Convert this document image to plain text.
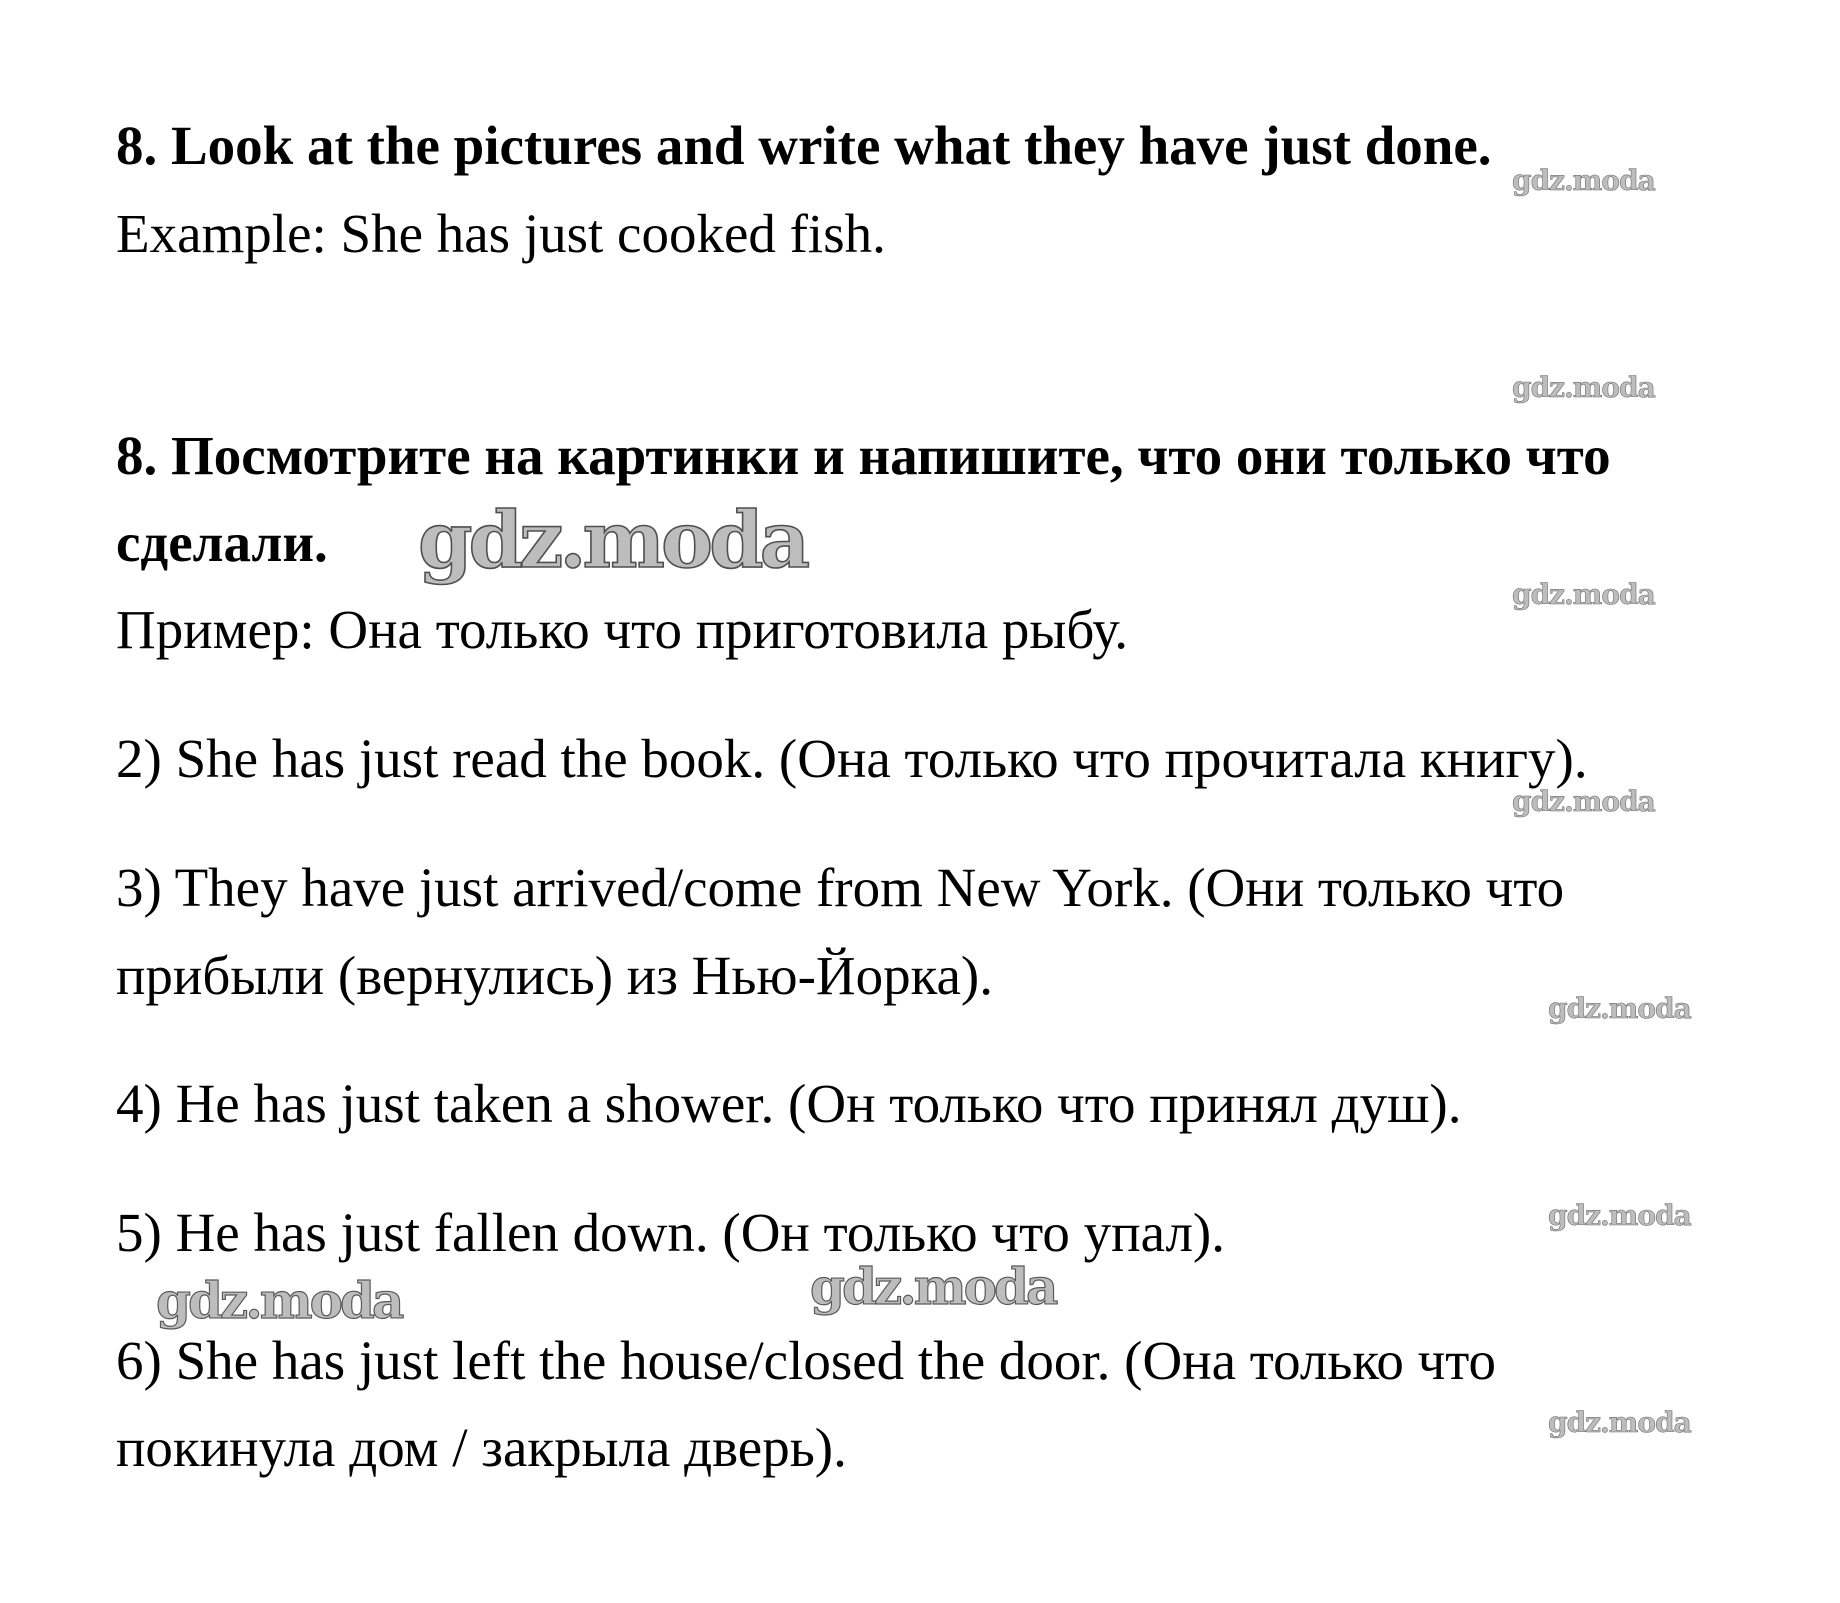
8. Look at the pictures and write what they have just done.

Example: She has just cooked fish.

8. Посмотрите на картинки и напишите, что они только что

сделали.

Пример: Она только что приготовила рыбу.

2) She has just read the book. (Она только что прочитала книгу).

3) They have just arrived/come from New York. (Они только что

прибыли (вернулись) из Нью-Йорка).

4) He has just taken a shower. (Он только что принял душ).

5) He has just fallen down. (Он только что упал).

6) She has just left the house/closed the door. (Она только что

покинула дом / закрыла дверь).

gdz.moda

gdz.moda

gdz.moda

gdz.moda

gdz.moda

gdz.moda

gdz.moda

gdz.moda

gdz.moda	gdz.moda
